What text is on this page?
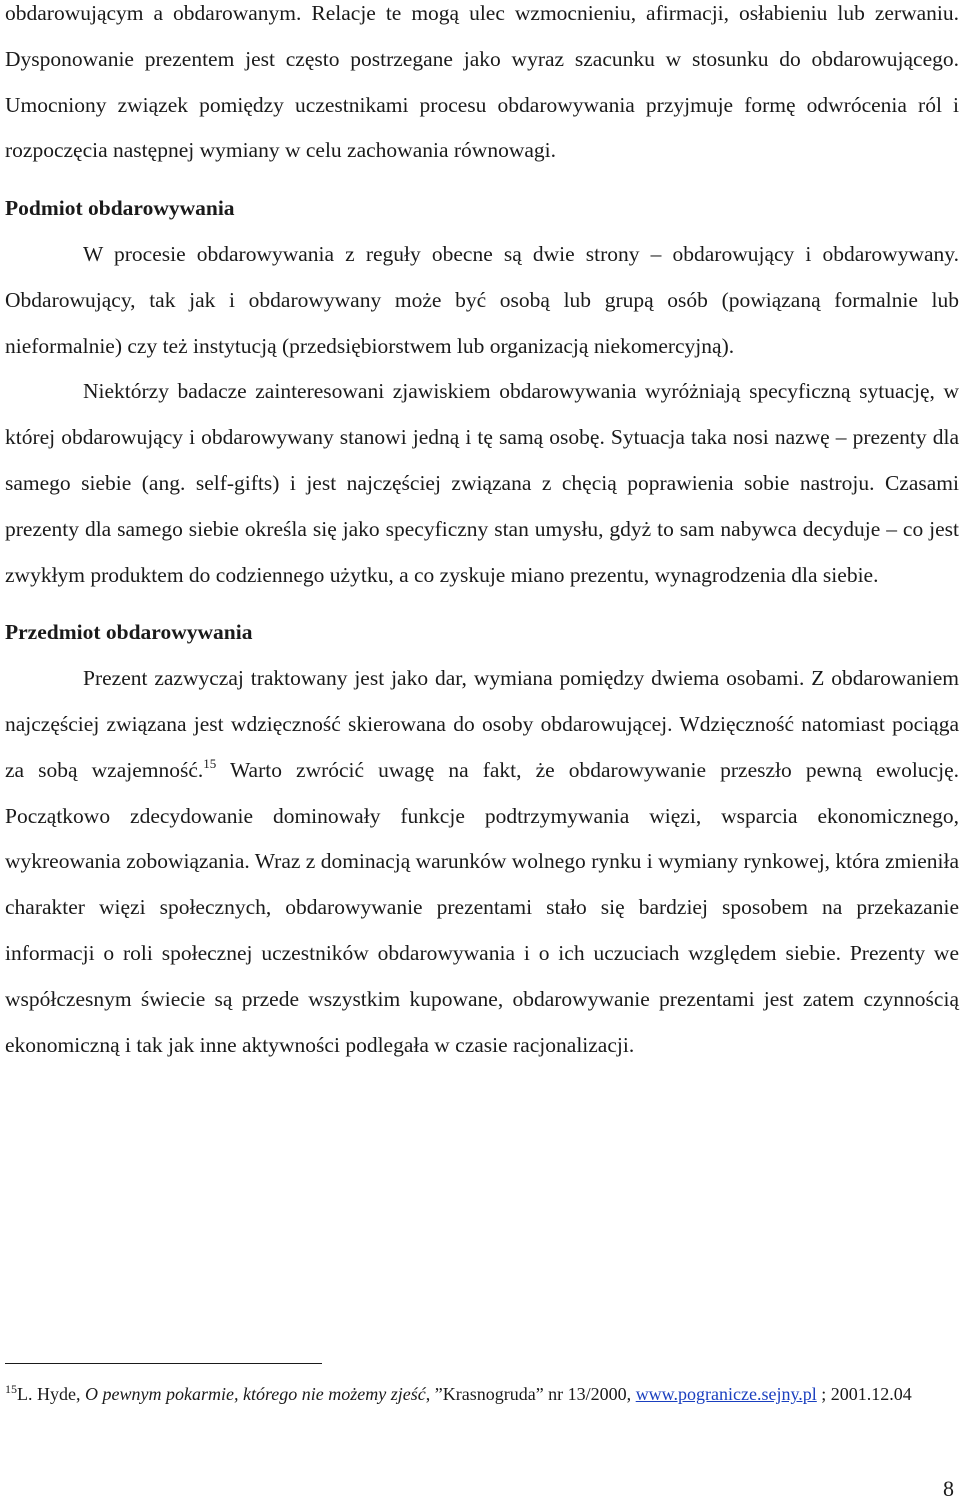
obdarowującym a obdarowanym. Relacje te mogą ulec wzmocnieniu, afirmacji, osłabieniu lub zerwaniu. Dysponowanie prezentem jest często postrzegane jako wyraz szacunku w stosunku do obdarowującego. Umocniony związek pomiędzy uczestnikami procesu obdarowywania przyjmuje formę odwrócenia ról i rozpoczęcia następnej wymiany w celu zachowania równowagi.

Podmiot obdarowywania

W procesie obdarowywania z reguły obecne są dwie strony – obdarowujący i obdarowywany. Obdarowujący, tak jak i obdarowywany może być osobą lub grupą osób (powiązaną formalnie lub nieformalnie) czy też instytucją (przedsiębiorstwem lub organizacją niekomercyjną).

Niektórzy badacze zainteresowani zjawiskiem obdarowywania wyróżniają specyficzną sytuację, w której obdarowujący i obdarowywany stanowi jedną i tę samą osobę. Sytuacja taka nosi nazwę – prezenty dla samego siebie (ang. self-gifts) i jest najczęściej związana z chęcią poprawienia sobie nastroju. Czasami prezenty dla samego siebie określa się jako specyficzny stan umysłu, gdyż to sam nabywca decyduje – co jest zwykłym produktem do codziennego użytku, a co zyskuje miano prezentu, wynagrodzenia dla siebie.

Przedmiot obdarowywania

Prezent zazwyczaj traktowany jest jako dar, wymiana pomiędzy dwiema osobami. Z obdarowaniem najczęściej związana jest wdzięczność skierowana do osoby obdarowującej. Wdzięczność natomiast pociąga za sobą wzajemność.$^{15}$ Warto zwrócić uwagę na fakt, że obdarowywanie przeszło pewną ewolucję. Początkowo zdecydowanie dominowały funkcje podtrzymywania więzi, wsparcia ekonomicznego, wykreowania zobowiązania. Wraz z dominacją warunków wolnego rynku i wymiany rynkowej, która zmieniła charakter więzi społecznych, obdarowywanie prezentami stało się bardziej sposobem na przekazanie informacji o roli społecznej uczestników obdarowywania i o ich uczuciach względem siebie. Prezenty we współczesnym świecie są przede wszystkim kupowane, obdarowywanie prezentami jest zatem czynnością ekonomiczną i tak jak inne aktywności podlegała w czasie racjonalizacji.

$^{15}$L. Hyde, O pewnym pokarmie, którego nie możemy zjeść, ”Krasnogruda” nr 13/2000, www.pogranicze.sejny.pl ; 2001.12.04
8
